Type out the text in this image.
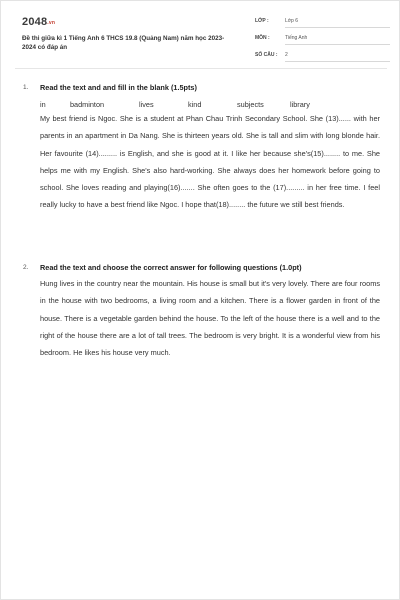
2048.vn
Đề thi giữa kì 1 Tiếng Anh 6 THCS 19.8 (Quảng Nam) năm học 2023-2024 có đáp án
LỚP :	Lớp 6
MÔN :	Tiếng Anh
SỐ CÂU : 2
1. Read the text and and fill in the blank (1.5pts)
in	badminton	lives	kind	subjects	library
My best friend is Ngoc. She is a student at Phan Chau Trinh Secondary School. She (13)...... with her parents in an apartment in Da Nang. She is thirteen years old. She is tall and slim with long blonde hair. Her favourite (14)......... is English, and she is good at it. I like her because she's(15)........ to me. She helps me with my English. She's also hard-working. She always does her homework before going to school. She loves reading and playing(16)....... She often goes to the (17)......... in her free time. I feel really lucky to have a best friend like Ngoc. I hope that(18)........ the future we still best friends.
2. Read the text and choose the correct answer for following questions (1.0pt)
Hung lives in the country near the mountain. His house is small but it's very lovely. There are four rooms in the house with two bedrooms, a living room and a kitchen. There is a flower garden in front of the house. There is a vegetable garden behind the house. To the left of the house there is a well and to the right of the house there are a lot of tall trees. The bedroom is very bright. It is a wonderful view from his bedroom. He likes his house very much.
